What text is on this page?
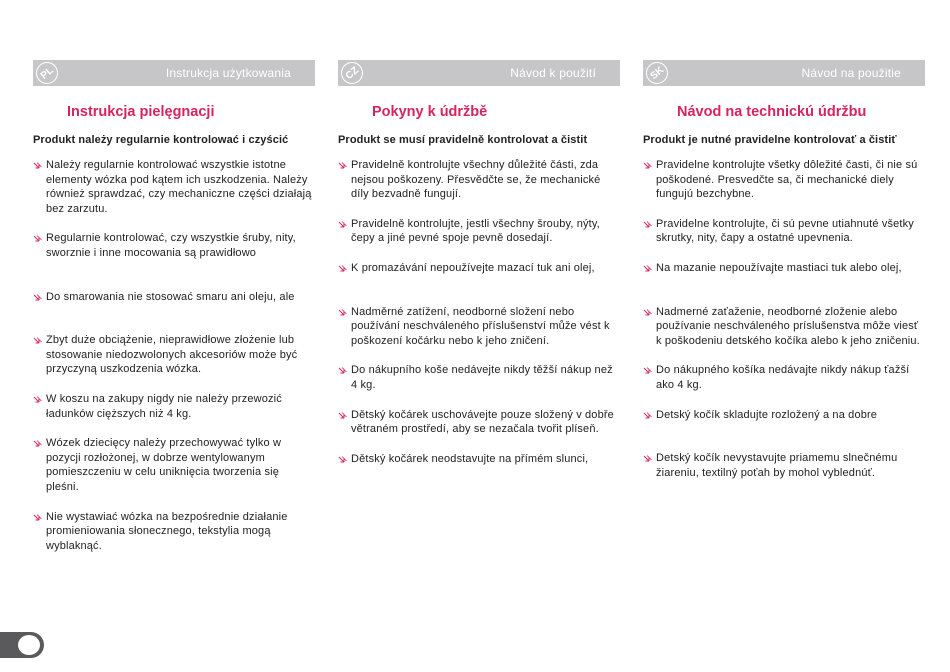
PL	Instrukcja użytkowania
Instrukcja pielęgnacji
Produkt należy regularnie kontrolować i czyścić
Należy regularnie kontrolować wszystkie istotne elementy wózka pod kątem ich uszkodzenia. Należy również sprawdzać, czy mechaniczne części działają bez zarzutu.
Regularnie kontrolować, czy wszystkie śruby, nity, sworznie i inne mocowania są prawidłowo
Do smarowania nie stosować smaru ani oleju, ale
Zbyt duże obciążenie, nieprawidłowe złożenie lub stosowanie niedozwolonych akcesoriów może być przyczyną uszkodzenia wózka.
W koszu na zakupy nigdy nie należy przewozić ładunków cięższych niż 4 kg.
Wózek dziecięcy należy przechowywać tylko w pozycji rozłożonej, w dobrze wentylowanym pomieszczeniu w celu uniknięcia tworzenia się pleśni.
Nie wystawiać wózka na bezpośrednie działanie promieniowania słonecznego, tekstylia mogą wyblaknąć.
CZ	Návod k použití
Pokyny k údržbě
Produkt se musí pravidelně kontrolovat a čistit
Pravidelně kontrolujte všechny důležité části, zda nejsou poškozeny. Přesvědčte se, že mechanické díly bezvadně fungují.
Pravidelně kontrolujte, jestli všechny šrouby, nýty, čepy a jiné pevné spoje pevně dosedají.
K promazávání nepoužívejte mazací tuk ani olej,
Nadměrné zatížení, neodborné složení nebo používání neschváleného příslušenství může vést k poškození kočárku nebo k jeho zničení.
Do nákupního koše nedávejte nikdy těžší nákup než 4 kg.
Dětský kočárek uschovávejte pouze složený v dobře větraném prostředí, aby se nezačala tvořit plíseň.
Dětský kočárek neodstavujte na přímém slunci,
SK	Návod na použitie
Návod na technickú údržbu
Produkt je nutné pravidelne kontrolovať a čistiť
Pravidelne kontrolujte všetky dôležité časti, či nie sú poškodené. Presvedčte sa, či mechanické diely fungujú bezchybne.
Pravidelne kontrolujte, či sú pevne utiahnuté všetky skrutky, nity, čapy a ostatné upevnenia.
Na mazanie nepoužívajte mastiaci tuk alebo olej,
Nadmerné zaťaženie, neodborné zloženie alebo používanie neschváleného príslušenstva môže viesť k poškodeniu detského kočíka alebo k jeho zničeniu.
Do nákupného košíka nedávajte nikdy nákup ťažší ako 4 kg.
Detský kočík skladujte rozložený a na dobre
Detský kočík nevystavujte priamemu slnečnému žiareniu, textilný poťah by mohol vyblednúť.
